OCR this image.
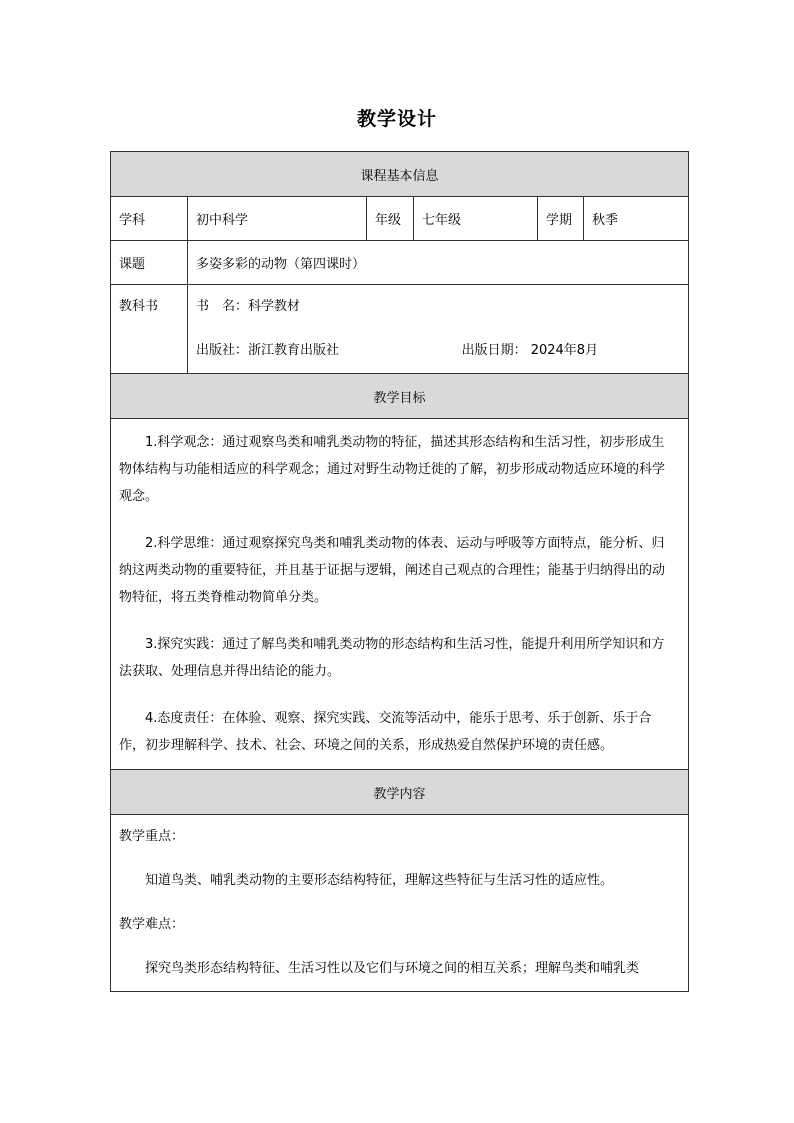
教学设计
课程基本信息					
学科	初中科学	年级	七年级	学期	秋季
课题	多姿多彩的动物（第四课时）				

教科书	书　名： 科学教材
出版社： 浙江教育出版社 出版日期： 2024年8月				

教学目标					

1.科学观念：通过观察鸟类和哺乳类动物的特征，描述其形态结构和生活习性，初步形成生物体结构与功能相适应的科学观念；通过对野生动物迁徙的了解，初步形成动物适应环境的科学观念。

2.科学思维：通过观察探究鸟类和哺乳类动物的体表、运动与呼吸等方面特点，能分析、归纳这两类动物的重要特征，并且基于证据与逻辑，阐述自己观点的合理性；能基于归纳得出的动物特征，将五类脊椎动物简单分类。

3.探究实践：通过了解鸟类和哺乳类动物的形态结构和生活习性，能提升利用所学知识和方法获取、处理信息并得出结论的能力。

4.态度责任：在体验、观察、探究实践、交流等活动中，能乐于思考、乐于创新、乐于合作，初步理解科学、技术、社会、环境之间的关系，形成热爱自然保护环境的责任感。					

教学内容					

教学重点：
知道鸟类、哺乳类动物的主要形态结构特征，理解这些特征与生活习性的适应性。
教学难点：
探究鸟类形态结构特征、生活习性以及它们与环境之间的相互关系；理解鸟类和哺乳类					
